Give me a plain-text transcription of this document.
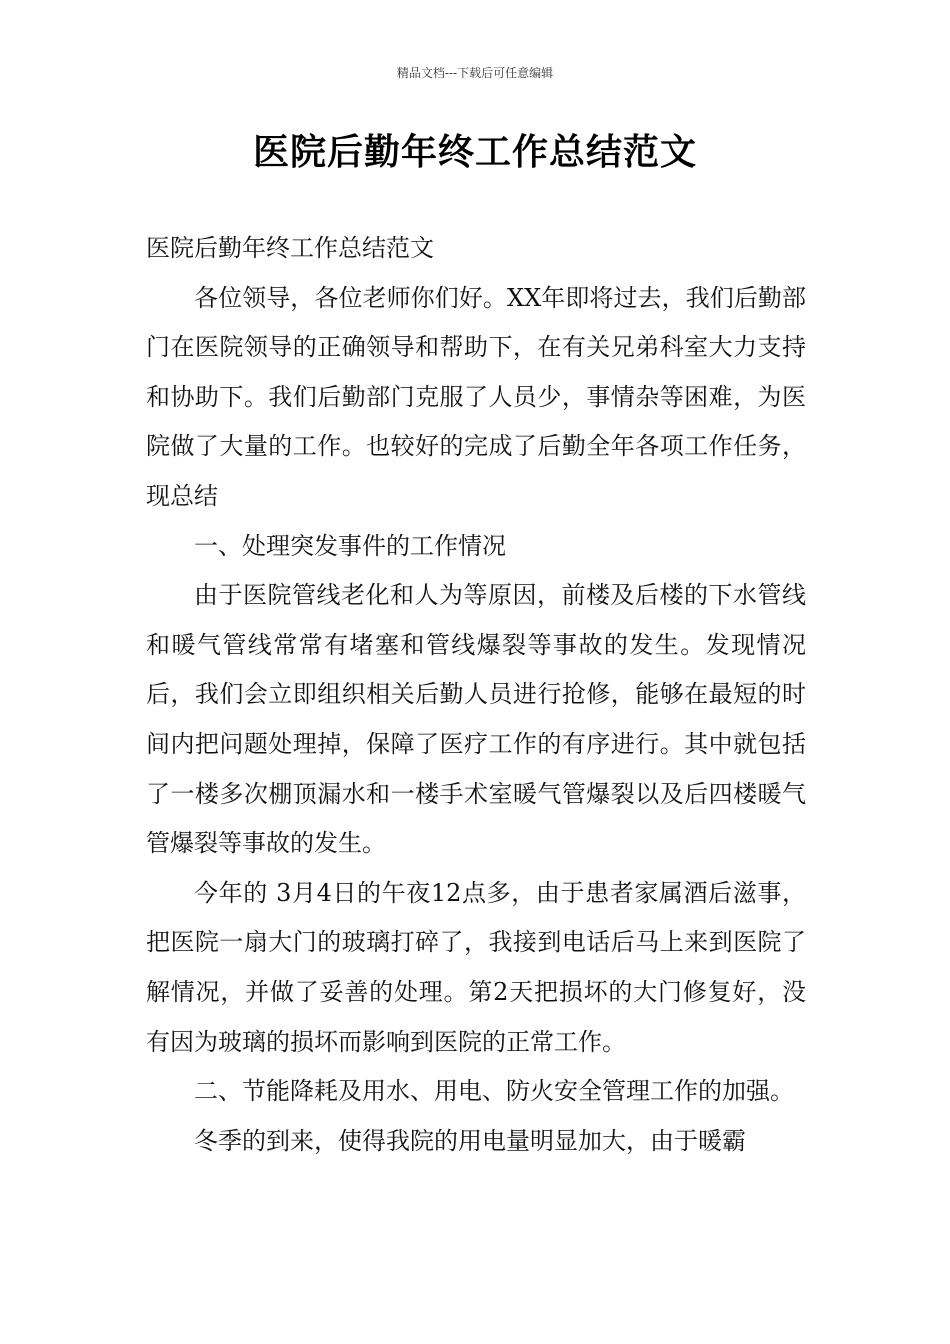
精品文档---下载后可任意编辑
医院后勤年终工作总结范文

医院后勤年终工作总结范文

各位领导，各位老师你们好。XX年即将过去，我们后勤部门在医院领导的正确领导和帮助下，在有关兄弟科室大力支持和协助下。我们后勤部门克服了人员少，事情杂等困难，为医院做了大量的工作。也较好的完成了后勤全年各项工作任务，现总结

一、处理突发事件的工作情况

由于医院管线老化和人为等原因，前楼及后楼的下水管线和暖气管线常常有堵塞和管线爆裂等事故的发生。发现情况后，我们会立即组织相关后勤人员进行抢修，能够在最短的时间内把问题处理掉，保障了医疗工作的有序进行。其中就包括了一楼多次棚顶漏水和一楼手术室暖气管爆裂以及后四楼暖气管爆裂等事故的发生。

今年的 3月4日的午夜12点多，由于患者家属酒后滋事，把医院一扇大门的玻璃打碎了，我接到电话后马上来到医院了解情况，并做了妥善的处理。第2天把损坏的大门修复好，没有因为玻璃的损坏而影响到医院的正常工作。

二、节能降耗及用水、用电、防火安全管理工作的加强。

冬季的到来，使得我院的用电量明显加大，由于暖霸
